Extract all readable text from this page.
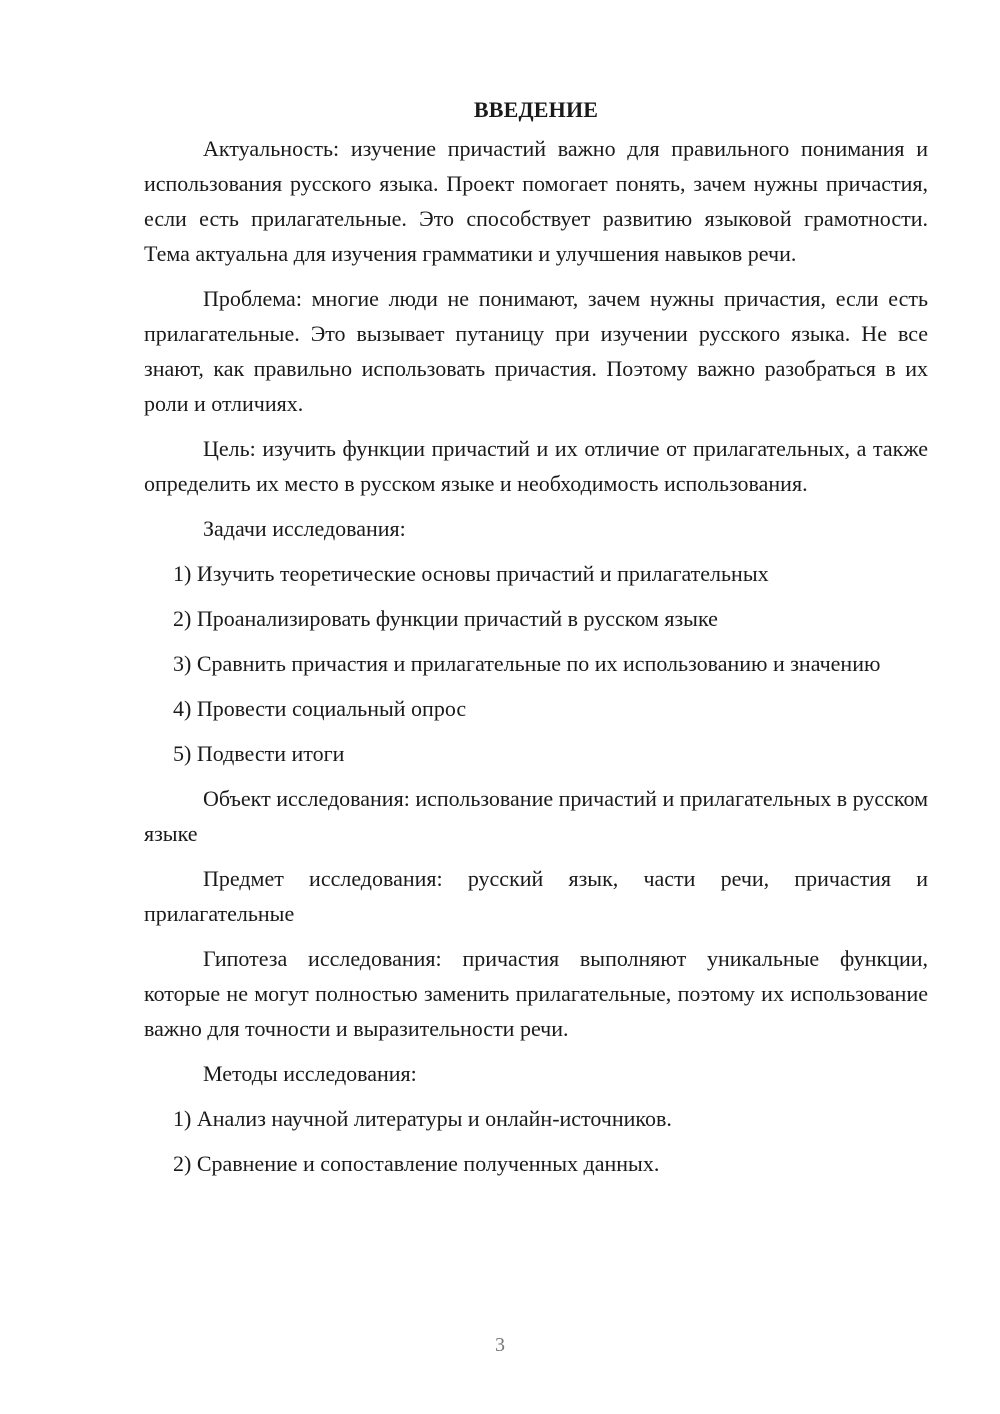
ВВЕДЕНИЕ

Актуальность: изучение причастий важно для правильного понимания и использования русского языка. Проект помогает понять, зачем нужны причастия, если есть прилагательные. Это способствует развитию языковой грамотности. Тема актуальна для изучения грамматики и улучшения навыков речи.

Проблема: многие люди не понимают, зачем нужны причастия, если есть прилагательные. Это вызывает путаницу при изучении русского языка. Не все знают, как правильно использовать причастия. Поэтому важно разобраться в их роли и отличиях.

Цель: изучить функции причастий и их отличие от прилагательных, а также определить их место в русском языке и необходимость использования.

Задачи исследования:

1) Изучить теоретические основы причастий и прилагательных

2) Проанализировать функции причастий в русском языке

3) Сравнить причастия и прилагательные по их использованию и значению

4) Провести социальный опрос

5) Подвести итоги

Объект исследования: использование причастий и прилагательных в русском языке

Предмет исследования: русский язык, части речи, причастия и прилагательные

Гипотеза исследования: причастия выполняют уникальные функции, которые не могут полностью заменить прилагательные, поэтому их использование важно для точности и выразительности речи.

Методы исследования:

1) Анализ научной литературы и онлайн-источников.

2) Сравнение и сопоставление полученных данных.

3
